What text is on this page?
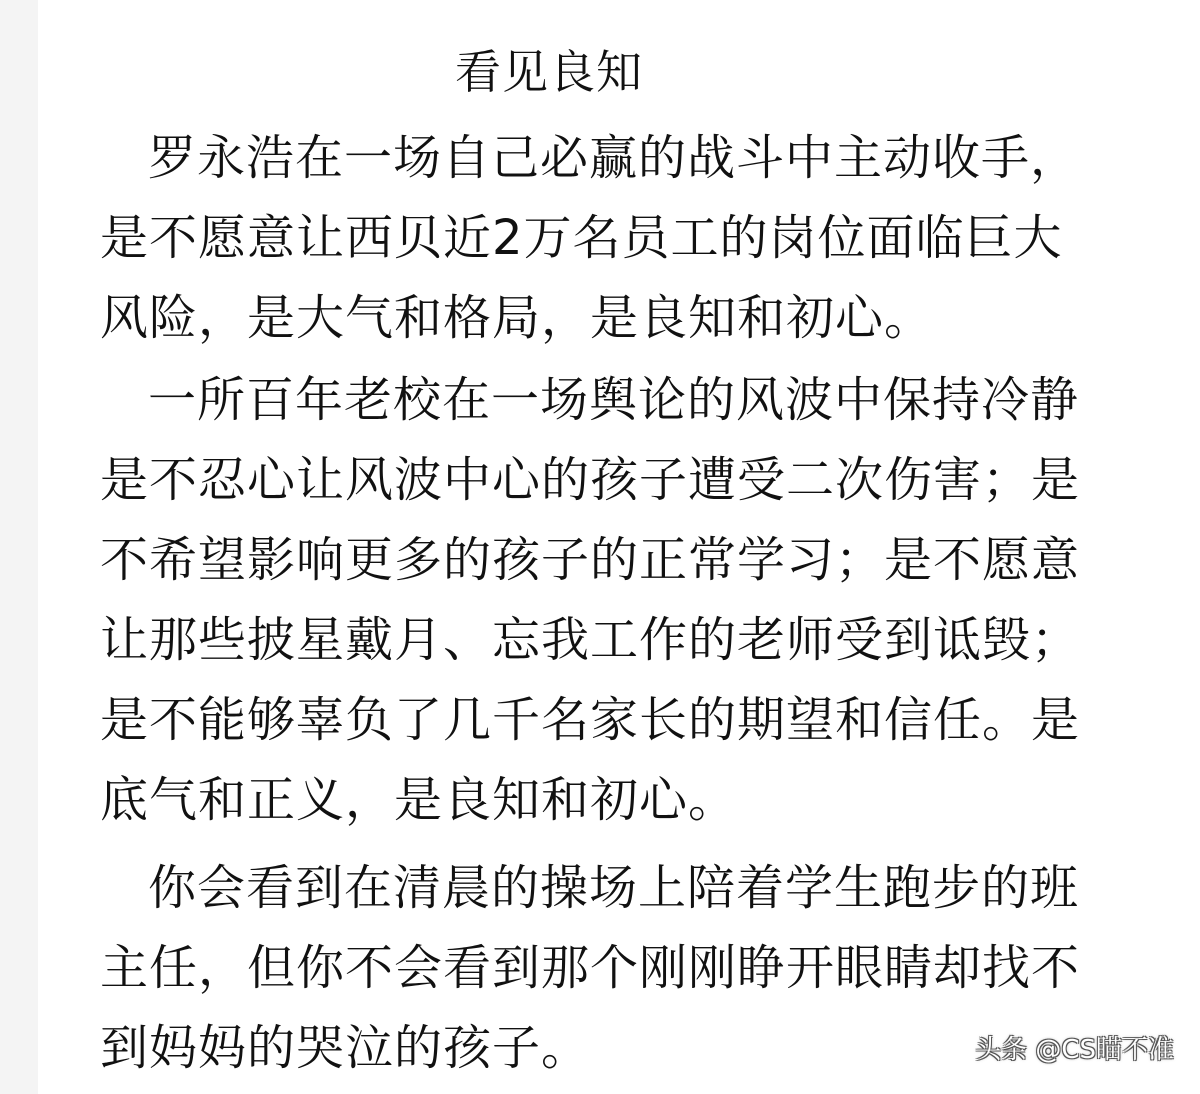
看见良知
罗永浩在一场自己必赢的战斗中主动收手，
是不愿意让西贝近2万名员工的岗位面临巨大
风险，是大气和格局，是良知和初心。
一所百年老校在一场舆论的风波中保持冷静
是不忍心让风波中心的孩子遭受二次伤害；是
不希望影响更多的孩子的正常学习；是不愿意
让那些披星戴月、忘我工作的老师受到诋毁；
是不能够辜负了几千名家长的期望和信任。是
底气和正义，是良知和初心。
你会看到在清晨的操场上陪着学生跑步的班
主任，但你不会看到那个刚刚睁开眼睛却找不
到妈妈的哭泣的孩子。	头条 @CS瞄不准
